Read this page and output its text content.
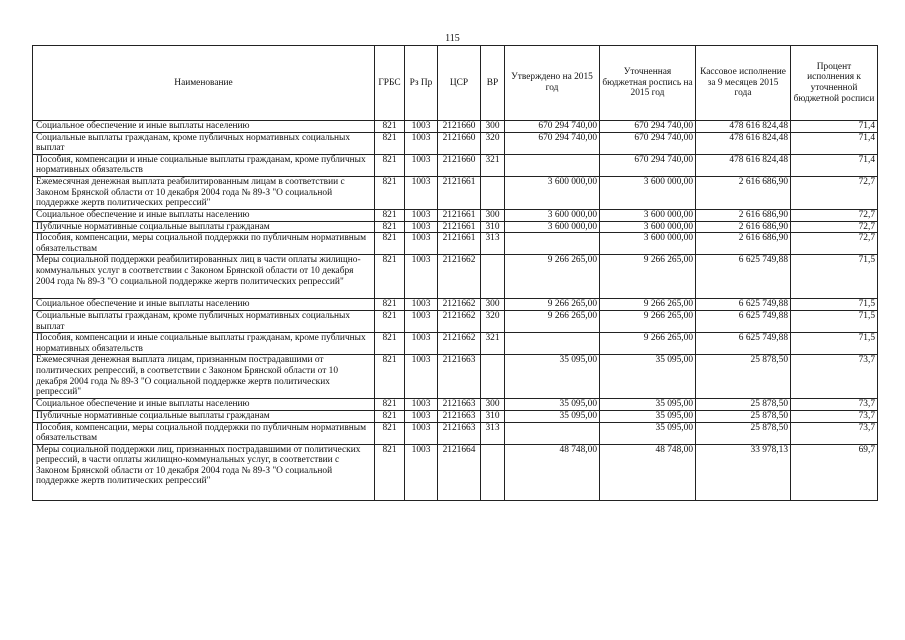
115
Наименование	ГРБС	Рз Пр	ЦСР	ВР	Утверждено на 2015 год	Уточненная бюджетная роспись на 2015 год	Кассовое исполнение за 9 месяцев 2015 года	Процент исполнения к уточненной бюджетной росписи
Социальное обеспечение и иные выплаты населению	821	1003	2121660	300	670 294 740,00	670 294 740,00	478 616 824,48	71,4
Социальные выплаты гражданам, кроме публичных нормативных социальных выплат	821	1003	2121660	320	670 294 740,00	670 294 740,00	478 616 824,48	71,4
Пособия, компенсации и иные социальные выплаты гражданам, кроме публичных нормативных обязательств	821	1003	2121660	321		670 294 740,00	478 616 824,48	71,4
Ежемесячная денежная выплата реабилитированным лицам в соответствии с Законом Брянской области от 10 декабря 2004 года № 89-З "О социальной поддержке жертв политических репрессий"	821	1003	2121661		3 600 000,00	3 600 000,00	2 616 686,90	72,7
Социальное обеспечение и иные выплаты населению	821	1003	2121661	300	3 600 000,00	3 600 000,00	2 616 686,90	72,7
Публичные нормативные социальные выплаты гражданам	821	1003	2121661	310	3 600 000,00	3 600 000,00	2 616 686,90	72,7
Пособия, компенсации, меры социальной поддержки по публичным нормативным обязательствам	821	1003	2121661	313		3 600 000,00	2 616 686,90	72,7
Меры социальной поддержки реабилитированных лиц в части оплаты жилищно-коммунальных услуг в соответствии с Законом Брянской области от 10 декабря 2004 года № 89-З "О социальной поддержке жертв политических репрессий"	821	1003	2121662		9 266 265,00	9 266 265,00	6 625 749,88	71,5
Социальное обеспечение и иные выплаты населению	821	1003	2121662	300	9 266 265,00	9 266 265,00	6 625 749,88	71,5
Социальные выплаты гражданам, кроме публичных нормативных социальных выплат	821	1003	2121662	320	9 266 265,00	9 266 265,00	6 625 749,88	71,5
Пособия, компенсации и иные социальные выплаты гражданам, кроме публичных нормативных обязательств	821	1003	2121662	321		9 266 265,00	6 625 749,88	71,5
Ежемесячная денежная выплата лицам, признанным пострадавшими от политических репрессий, в соответствии с Законом Брянской области от 10 декабря 2004 года № 89-З "О социальной поддержке жертв политических репрессий"	821	1003	2121663		35 095,00	35 095,00	25 878,50	73,7
Социальное обеспечение и иные выплаты населению	821	1003	2121663	300	35 095,00	35 095,00	25 878,50	73,7
Публичные нормативные социальные выплаты гражданам	821	1003	2121663	310	35 095,00	35 095,00	25 878,50	73,7
Пособия, компенсации, меры социальной поддержки по публичным нормативным обязательствам	821	1003	2121663	313		35 095,00	25 878,50	73,7
Меры социальной поддержки лиц, признанных пострадавшими от политических репрессий, в части оплаты жилищно-коммунальных услуг, в соответствии с Законом Брянской области от 10 декабря 2004 года № 89-З "О социальной поддержке жертв политических репрессий"	821	1003	2121664		48 748,00	48 748,00	33 978,13	69,7
